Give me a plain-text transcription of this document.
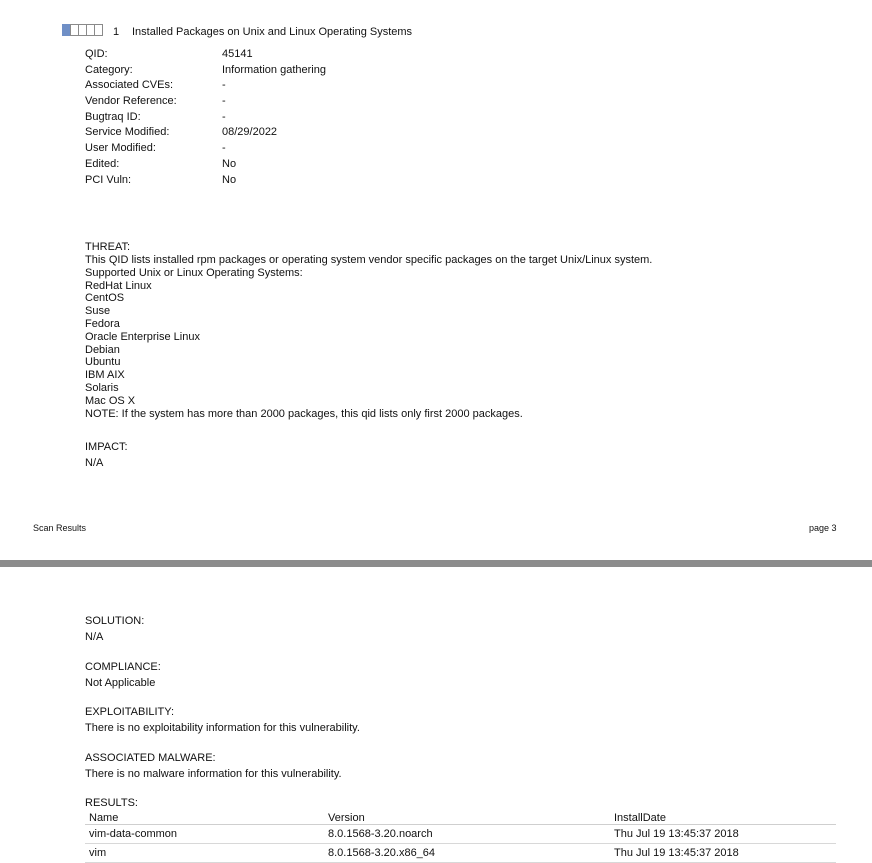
1 Installed Packages on Unix and Linux Operating Systems
QID:	45141
Category:	Information gathering
Associated CVEs:	-
Vendor Reference:	-
Bugtraq ID:	-
Service Modified:	08/29/2022
User Modified:	-
Edited:	No
PCI Vuln:	No
THREAT:
This QID lists installed rpm packages or operating system vendor specific packages on the target Unix/Linux system.
Supported Unix or Linux Operating Systems:
RedHat Linux
CentOS
Suse
Fedora
Oracle Enterprise Linux
Debian
Ubuntu
IBM AIX
Solaris
Mac OS X
NOTE: If the system has more than 2000 packages, this qid lists only first 2000 packages.
IMPACT:
N/A
Scan Results	page 3
SOLUTION:
N/A
COMPLIANCE:
Not Applicable
EXPLOITABILITY:
There is no exploitability information for this vulnerability.
ASSOCIATED MALWARE:
There is no malware information for this vulnerability.
RESULTS:
Name	Version	InstallDate
vim-data-common	8.0.1568-3.20.noarch	Thu Jul 19 13:45:37 2018
vim	8.0.1568-3.20.x86_64	Thu Jul 19 13:45:37 2018
